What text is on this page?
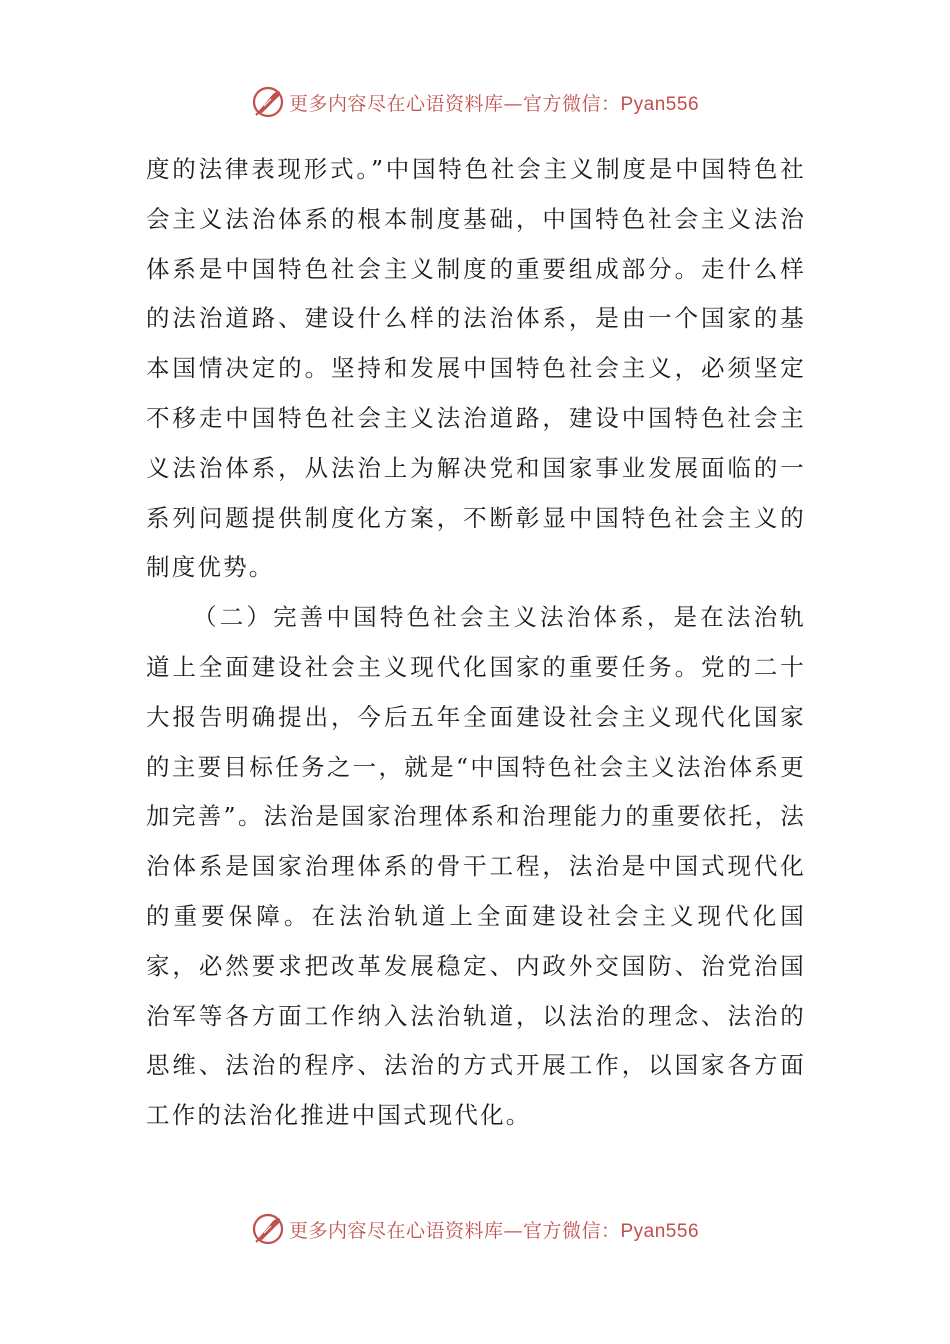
更多内容尽在心语资料库—官方微信：Pyan556

度的法律表现形式。”中国特色社会主义制度是中国特色社会主义法治体系的根本制度基础，中国特色社会主义法治体系是中国特色社会主义制度的重要组成部分。走什么样的法治道路、建设什么样的法治体系，是由一个国家的基本国情决定的。坚持和发展中国特色社会主义，必须坚定不移走中国特色社会主义法治道路，建设中国特色社会主义法治体系，从法治上为解决党和国家事业发展面临的一系列问题提供制度化方案，不断彰显中国特色社会主义的制度优势。

（二）完善中国特色社会主义法治体系，是在法治轨道上全面建设社会主义现代化国家的重要任务。党的二十大报告明确提出，今后五年全面建设社会主义现代化国家的主要目标任务之一，就是“中国特色社会主义法治体系更加完善”。法治是国家治理体系和治理能力的重要依托，法治体系是国家治理体系的骨干工程，法治是中国式现代化的重要保障。在法治轨道上全面建设社会主义现代化国家，必然要求把改革发展稳定、内政外交国防、治党治国治军等各方面工作纳入法治轨道，以法治的理念、法治的思维、法治的程序、法治的方式开展工作，以国家各方面工作的法治化推进中国式现代化。

更多内容尽在心语资料库—官方微信：Pyan556
